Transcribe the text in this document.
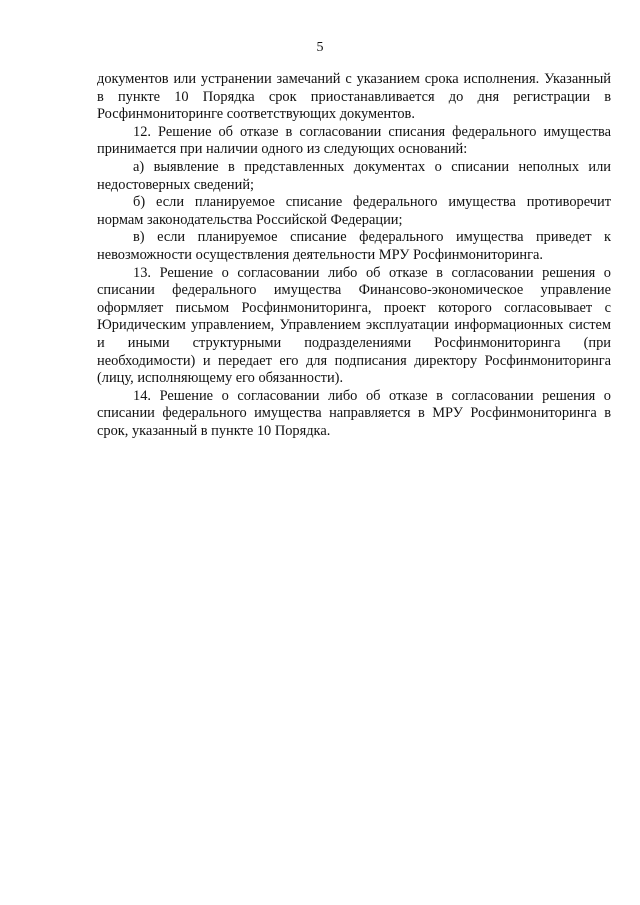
5

документов или устранении замечаний с указанием срока исполнения. Указанный в пункте 10 Порядка срок приостанавливается до дня регистрации в Росфинмониторинге соответствующих документов.

12. Решение об отказе в согласовании списания федерального имущества принимается при наличии одного из следующих оснований:

а) выявление в представленных документах о списании неполных или недостоверных сведений;

б) если планируемое списание федерального имущества противоречит нормам законодательства Российской Федерации;

в) если планируемое списание федерального имущества приведет к невозможности осуществления деятельности МРУ Росфинмониторинга.

13. Решение о согласовании либо об отказе в согласовании решения о списании федерального имущества Финансово-экономическое управление оформляет письмом Росфинмониторинга, проект которого согласовывает с Юридическим управлением, Управлением эксплуатации информационных систем и иными структурными подразделениями Росфинмониторинга (при необходимости) и передает его для подписания директору Росфинмониторинга (лицу, исполняющему его обязанности).

14. Решение о согласовании либо об отказе в согласовании решения о списании федерального имущества направляется в МРУ Росфинмониторинга в срок, указанный в пункте 10 Порядка.
